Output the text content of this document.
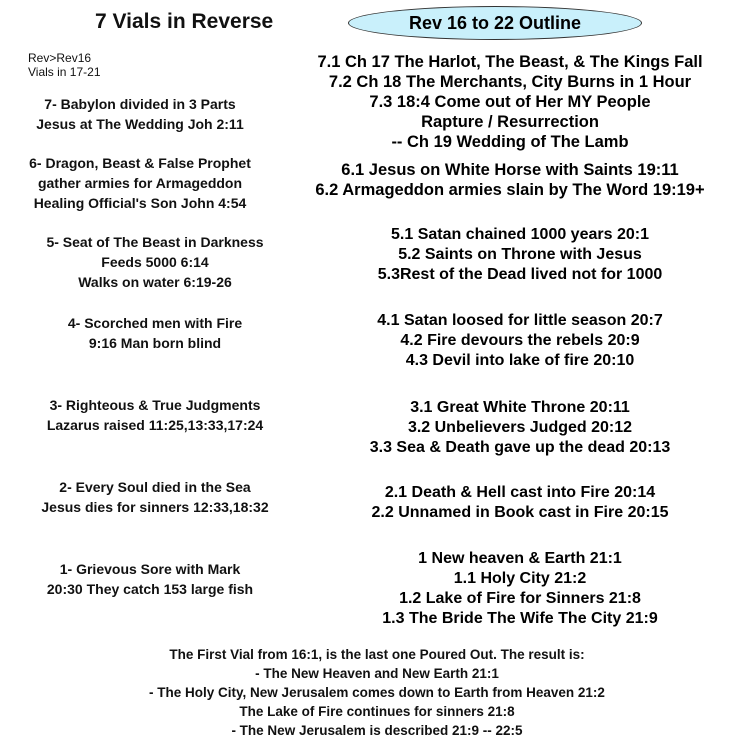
7 Vials in Reverse	Rev 16 to 22 Outline
Rev>Rev16
Vials in 17-21
7- Babylon divided in 3 Parts
Jesus at The Wedding Joh 2:11
7.1 Ch 17 The Harlot, The Beast, & The Kings Fall
7.2 Ch 18 The Merchants, City Burns in 1 Hour
7.3 18:4 Come out of Her MY People
Rapture / Resurrection
-- Ch 19 Wedding of The Lamb
6- Dragon, Beast & False Prophet
gather armies for Armageddon
Healing Official's Son John 4:54
6.1 Jesus on White Horse with Saints 19:11
6.2 Armageddon armies slain by The Word 19:19+
5- Seat of The Beast in Darkness
Feeds 5000 6:14
Walks on water 6:19-26
5.1 Satan chained 1000 years 20:1
5.2 Saints on Throne with Jesus
5.3Rest of the Dead lived not for 1000
4- Scorched men with Fire
9:16 Man born blind
4.1 Satan loosed for little season 20:7
4.2 Fire devours the rebels 20:9
4.3 Devil into lake of fire 20:10
3- Righteous & True Judgments
Lazarus raised 11:25,13:33,17:24
3.1 Great White Throne 20:11
3.2 Unbelievers Judged 20:12
3.3 Sea & Death gave up the dead 20:13
2- Every Soul died in the Sea
Jesus dies for sinners 12:33,18:32
2.1 Death & Hell cast into Fire 20:14
2.2 Unnamed in Book cast in Fire 20:15
1- Grievous Sore with Mark
20:30 They catch 153 large fish
1 New heaven & Earth 21:1
1.1 Holy City 21:2
1.2 Lake of Fire for Sinners 21:8
1.3 The Bride The Wife The City 21:9
The First Vial from 16:1, is the last one Poured Out. The result is:
- The New Heaven and New Earth 21:1
- The Holy City, New Jerusalem comes down to Earth from Heaven 21:2
The Lake of Fire continues for sinners 21:8
- The New Jerusalem is described 21:9 -- 22:5
